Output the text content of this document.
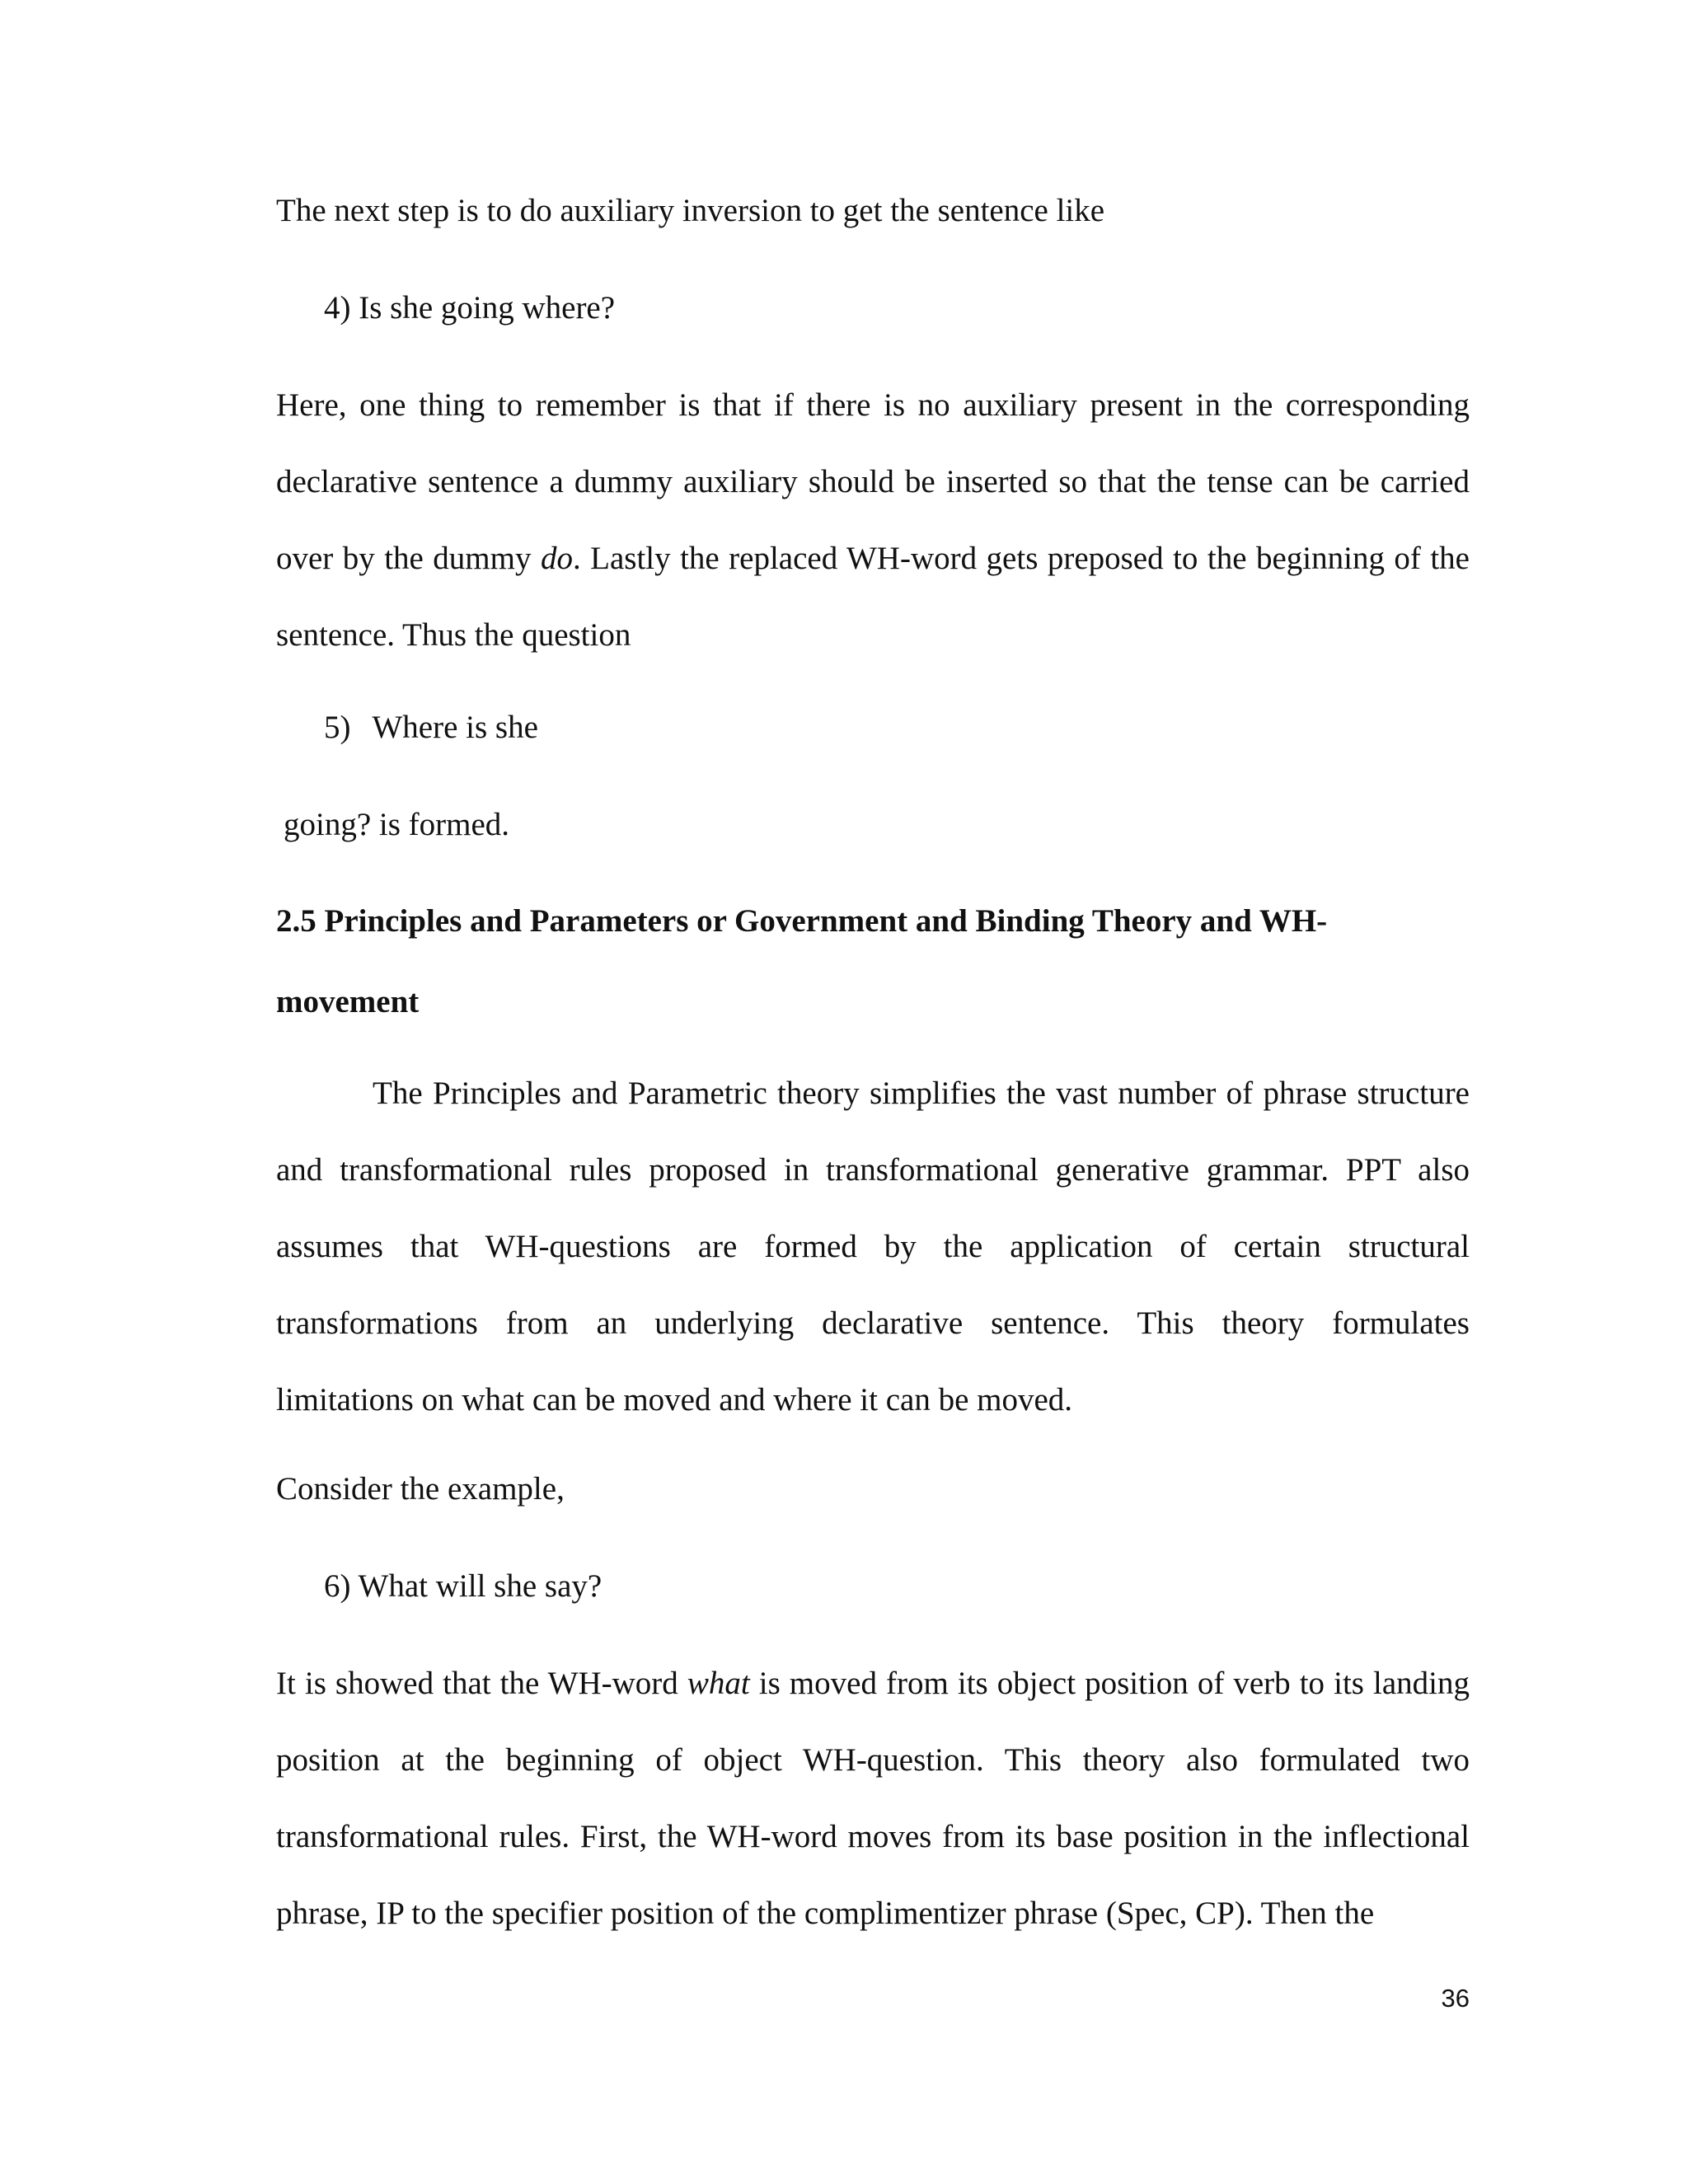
The next step is to do auxiliary inversion to get the sentence like
4) Is she going where?
Here, one thing to remember is that if there is no auxiliary present in the corresponding
declarative sentence a dummy auxiliary should be inserted so that the tense can be carried
over by the dummy do. Lastly the replaced WH-word gets preposed to the beginning of the
sentence. Thus the question
5) Where is she
going? is formed.
2.5 Principles and Parameters or Government and Binding Theory and WH-
movement
The Principles and Parametric theory simplifies the vast number of phrase structure
and transformational rules proposed in transformational generative grammar. PPT also
assumes that WH-questions are formed by the application of certain structural
transformations from an underlying declarative sentence. This theory formulates
limitations on what can be moved and where it can be moved.
Consider the example,
6) What will she say?
It is showed that the WH-word what is moved from its object position of verb to its landing
position at the beginning of object WH-question. This theory also formulated two
transformational rules. First, the WH-word moves from its base position in the inflectional
phrase, IP to the specifier position of the complimentizer phrase (Spec, CP). Then the
36
